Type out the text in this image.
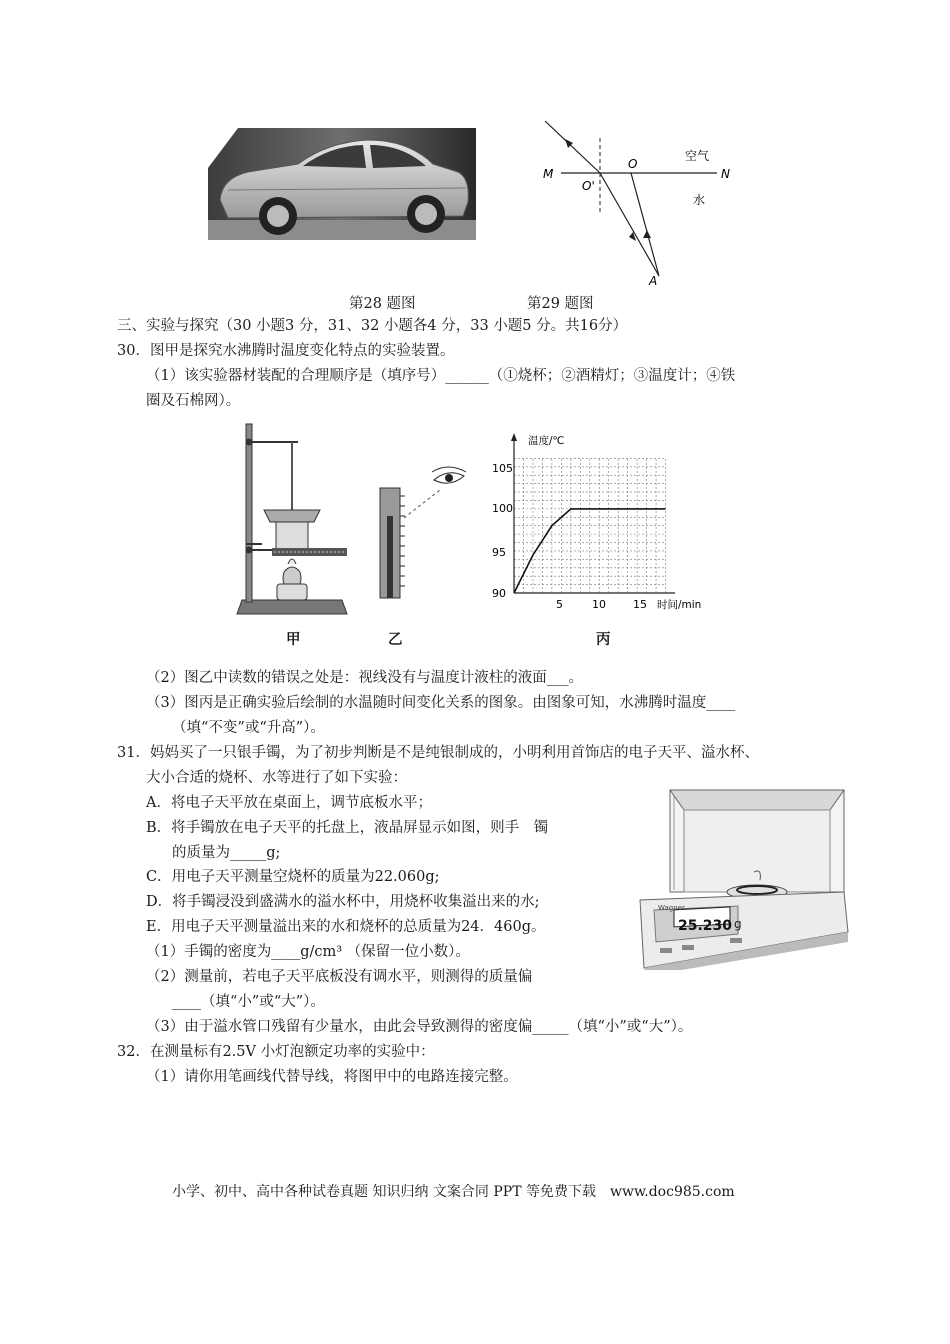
M	N
O
O'
A
空气
水
第28 题图	第29 题图
三、实验与探究（30 小题3 分，31、32 小题各4 分，33 小题5 分。共16分）
30．图甲是探究水沸腾时温度变化特点的实验装置。
（1）该实验器材装配的合理顺序是（填序号）______（①烧杯；②酒精灯；③温度计；④铁
圈及石棉网）。
温度/℃
时间/min
105
100
95
90
5	10 15
甲	乙	丙
（2）图乙中读数的错误之处是：视线没有与温度计液柱的液面___。
（3）图丙是正确实验后绘制的水温随时间变化关系的图象。由图象可知，水沸腾时温度____
（填“不变”或“升高”）。
31．妈妈买了一只银手镯，为了初步判断是不是纯银制成的，小明利用首饰店的电子天平、溢水杯、
大小合适的烧杯、水等进行了如下实验：
A．将电子天平放在桌面上，调节底板水平；
B．将手镯放在电子天平的托盘上，液晶屏显示如图，则手　镯
的质量为_____g;
C．用电子天平测量空烧杯的质量为22.060g;
D．将手镯浸没到盛满水的溢水杯中，用烧杯收集溢出来的水;
E．用电子天平测量溢出来的水和烧杯的总质量为24．460g。
（1）手镯的密度为____g/cm³ （保留一位小数）。
（2）测量前，若电子天平底板没有调水平，则测得的质量偏
____（填“小”或“大”）。
（3）由于溢水管口残留有少量水，由此会导致测得的密度偏_____（填“小”或“大”）。
32．在测量标有2.5V 小灯泡额定功率的实验中：
（1）请你用笔画线代替导线，将图甲中的电路连接完整。
25.230 g
Wagner
小学、初中、高中各种试卷真题 知识归纳 文案合同 PPT 等免费下载　www.doc985.com
